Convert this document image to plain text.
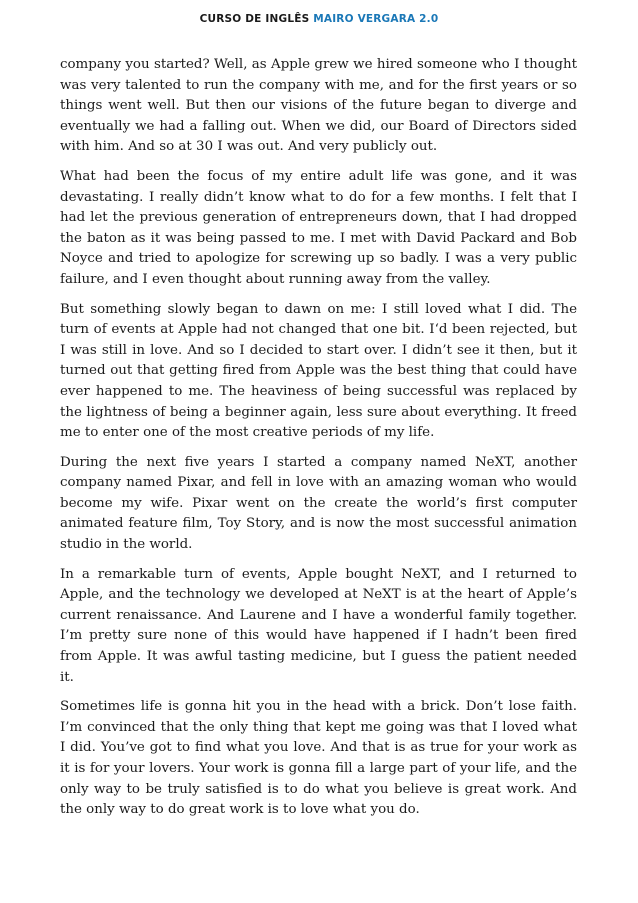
CURSO DE INGLÊS MAIRO VERGARA 2.0

company you started? Well, as Apple grew we hired someone who I thought was very talented to run the company with me, and for the first years or so things went well. But then our visions of the future began to diverge and eventually we had a falling out. When we did, our Board of Directors sided with him. And so at 30 I was out. And very publicly out.

What had been the focus of my entire adult life was gone, and it was devastating. I really didn’t know what to do for a few months. I felt that I had let the previous generation of entrepreneurs down, that I had dropped the baton as it was being passed to me. I met with David Packard and Bob Noyce and tried to apologize for screwing up so badly. I was a very public failure, and I even thought about running away from the valley.

But something slowly began to dawn on me: I still loved what I did. The turn of events at Apple had not changed that one bit. I‘d been rejected, but I was still in love. And so I decided to start over. I didn’t see it then, but it turned out that getting fired from Apple was the best thing that could have ever happened to me. The heaviness of being successful was replaced by the lightness of being a beginner again, less sure about everything. It freed me to enter one of the most creative periods of my life.

During the next five years I started a company named NeXT, another company named Pixar, and fell in love with an amazing woman who would become my wife. Pixar went on the create the world’s first computer animated feature film, Toy Story, and is now the most successful animation studio in the world.

In a remarkable turn of events, Apple bought NeXT, and I returned to Apple, and the technology we developed at NeXT is at the heart of Apple’s current renaissance. And Laurene and I have a wonderful family together. I’m pretty sure none of this would have happened if I hadn’t been fired from Apple. It was awful tasting medicine, but I guess the patient needed it.

Sometimes life is gonna hit you in the head with a brick. Don’t lose faith. I’m convinced that the only thing that kept me going was that I loved what I did. You’ve got to find what you love. And that is as true for your work as it is for your lovers. Your work is gonna fill a large part of your life, and the only way to be truly satisfied is to do what you believe is great work. And the only way to do great work is to love what you do.
